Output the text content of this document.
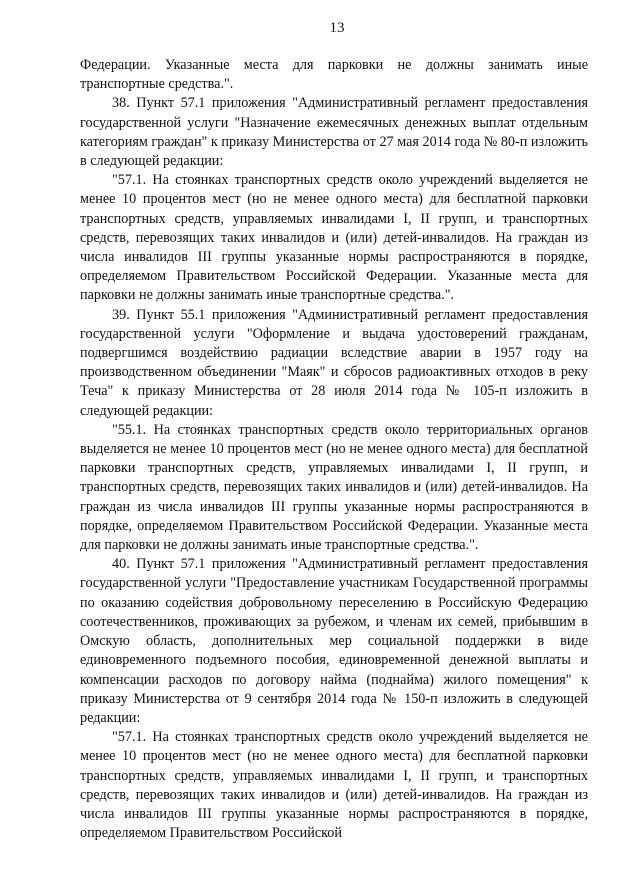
13

Федерации. Указанные места для парковки не должны занимать иные транспортные средства.".

38. Пункт 57.1 приложения "Административный регламент предоставления государственной услуги "Назначение ежемесячных денежных выплат отдельным категориям граждан" к приказу Министерства от 27 мая 2014 года № 80-п изложить в следующей редакции:

"57.1. На стоянках транспортных средств около учреждений выделяется не менее 10 процентов мест (но не менее одного места) для бесплатной парковки транспортных средств, управляемых инвалидами I, II групп, и транспортных средств, перевозящих таких инвалидов и (или) детей-инвалидов. На граждан из числа инвалидов III группы указанные нормы распространяются в порядке, определяемом Правительством Российской Федерации. Указанные места для парковки не должны занимать иные транспортные средства.".

39. Пункт 55.1 приложения "Административный регламент предоставления государственной услуги "Оформление и выдача удостоверений гражданам, подвергшимся воздействию радиации вследствие аварии в 1957 году на производственном объединении "Маяк" и сбросов радиоактивных отходов в реку Теча" к приказу Министерства от 28 июля 2014 года № 105-п изложить в следующей редакции:

"55.1. На стоянках транспортных средств около территориальных органов выделяется не менее 10 процентов мест (но не менее одного места) для бесплатной парковки транспортных средств, управляемых инвалидами I, II групп, и транспортных средств, перевозящих таких инвалидов и (или) детей-инвалидов. На граждан из числа инвалидов III группы указанные нормы распространяются в порядке, определяемом Правительством Российской Федерации. Указанные места для парковки не должны занимать иные транспортные средства.".

40. Пункт 57.1 приложения "Административный регламент предоставления государственной услуги "Предоставление участникам Государственной программы по оказанию содействия добровольному переселению в Российскую Федерацию соотечественников, проживающих за рубежом, и членам их семей, прибывшим в Омскую область, дополнительных мер социальной поддержки в виде единовременного подъемного пособия, единовременной денежной выплаты и компенсации расходов по договору найма (поднайма) жилого помещения" к приказу Министерства от 9 сентября 2014 года № 150-п изложить в следующей редакции:

"57.1. На стоянках транспортных средств около учреждений выделяется не менее 10 процентов мест (но не менее одного места) для бесплатной парковки транспортных средств, управляемых инвалидами I, II групп, и транспортных средств, перевозящих таких инвалидов и (или) детей-инвалидов. На граждан из числа инвалидов III группы указанные нормы распространяются в порядке, определяемом Правительством Российской
